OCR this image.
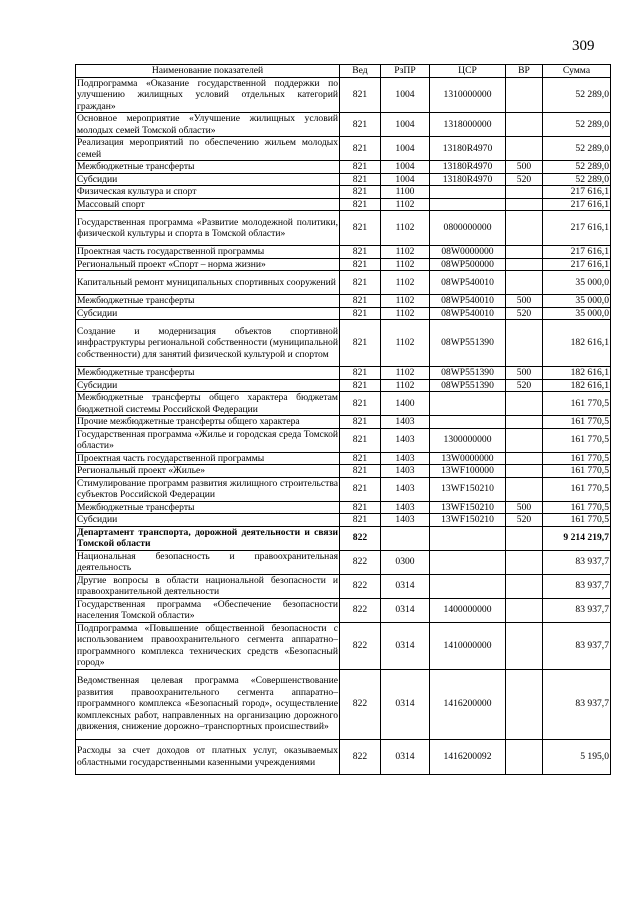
309
Наименование показателей	Вед	РзПР	ЦСР	ВР	Сумма
Подпрограмма «Оказание государственной поддержки по улучшению жилищных условий отдельных категорий граждан»	821	1004	1310000000		52 289,0
Основное мероприятие «Улучшение жилищных условий молодых семей Томской области»	821	1004	1318000000		52 289,0
Реализация мероприятий по обеспечению жильем молодых семей	821	1004	13180R4970		52 289,0
Межбюджетные трансферты	821	1004	13180R4970	500	52 289,0
Субсидии	821	1004	13180R4970	520	52 289,0
Физическая культура и спорт	821	1100			217 616,1
Массовый спорт	821	1102			217 616,1
Государственная программа «Развитие молодежной политики, физической культуры и спорта в Томской области»	821	1102	0800000000		217 616,1
Проектная часть государственной программы	821	1102	08W0000000		217 616,1
Региональный проект «Спорт – норма жизни»	821	1102	08WP500000		217 616,1
Капитальный ремонт муниципальных спортивных сооружений	821	1102	08WP540010		35 000,0
Межбюджетные трансферты	821	1102	08WP540010	500	35 000,0
Субсидии	821	1102	08WP540010	520	35 000,0
Создание и модернизация объектов спортивной инфраструктуры региональной собственности (муниципальной собственности) для занятий физической культурой и спортом	821	1102	08WP551390		182 616,1
Межбюджетные трансферты	821	1102	08WP551390	500	182 616,1
Субсидии	821	1102	08WP551390	520	182 616,1
Межбюджетные трансферты общего характера бюджетам бюджетной системы Российской Федерации	821	1400			161 770,5
Прочие межбюджетные трансферты общего характера	821	1403			161 770,5
Государственная программа «Жилье и городская среда Томской области»	821	1403	1300000000		161 770,5
Проектная часть государственной программы	821	1403	13W0000000		161 770,5
Региональный проект «Жилье»	821	1403	13WF100000		161 770,5
Стимулирование программ развития жилищного строительства субъектов Российской Федерации	821	1403	13WF150210		161 770,5
Межбюджетные трансферты	821	1403	13WF150210	500	161 770,5
Субсидии	821	1403	13WF150210	520	161 770,5
Департамент транспорта, дорожной деятельности и связи Томской области	822				9 214 219,7
Национальная безопасность и правоохранительная деятельность	822	0300			83 937,7
Другие вопросы в области национальной безопасности и правоохранительной деятельности	822	0314			83 937,7
Государственная программа «Обеспечение безопасности населения Томской области»	822	0314	1400000000		83 937,7
Подпрограмма «Повышение общественной безопасности с использованием правоохранительного сегмента аппаратно–программного комплекса технических средств «Безопасный город»	822	0314	1410000000		83 937,7
Ведомственная целевая программа «Совершенствование развития правоохранительного сегмента аппаратно–программного комплекса «Безопасный город», осуществление комплексных работ, направленных на организацию дорожного движения, снижение дорожно–транспортных происшествий»	822	0314	1416200000		83 937,7
Расходы за счет доходов от платных услуг, оказываемых областными государственными казенными учреждениями	822	0314	1416200092		5 195,0
